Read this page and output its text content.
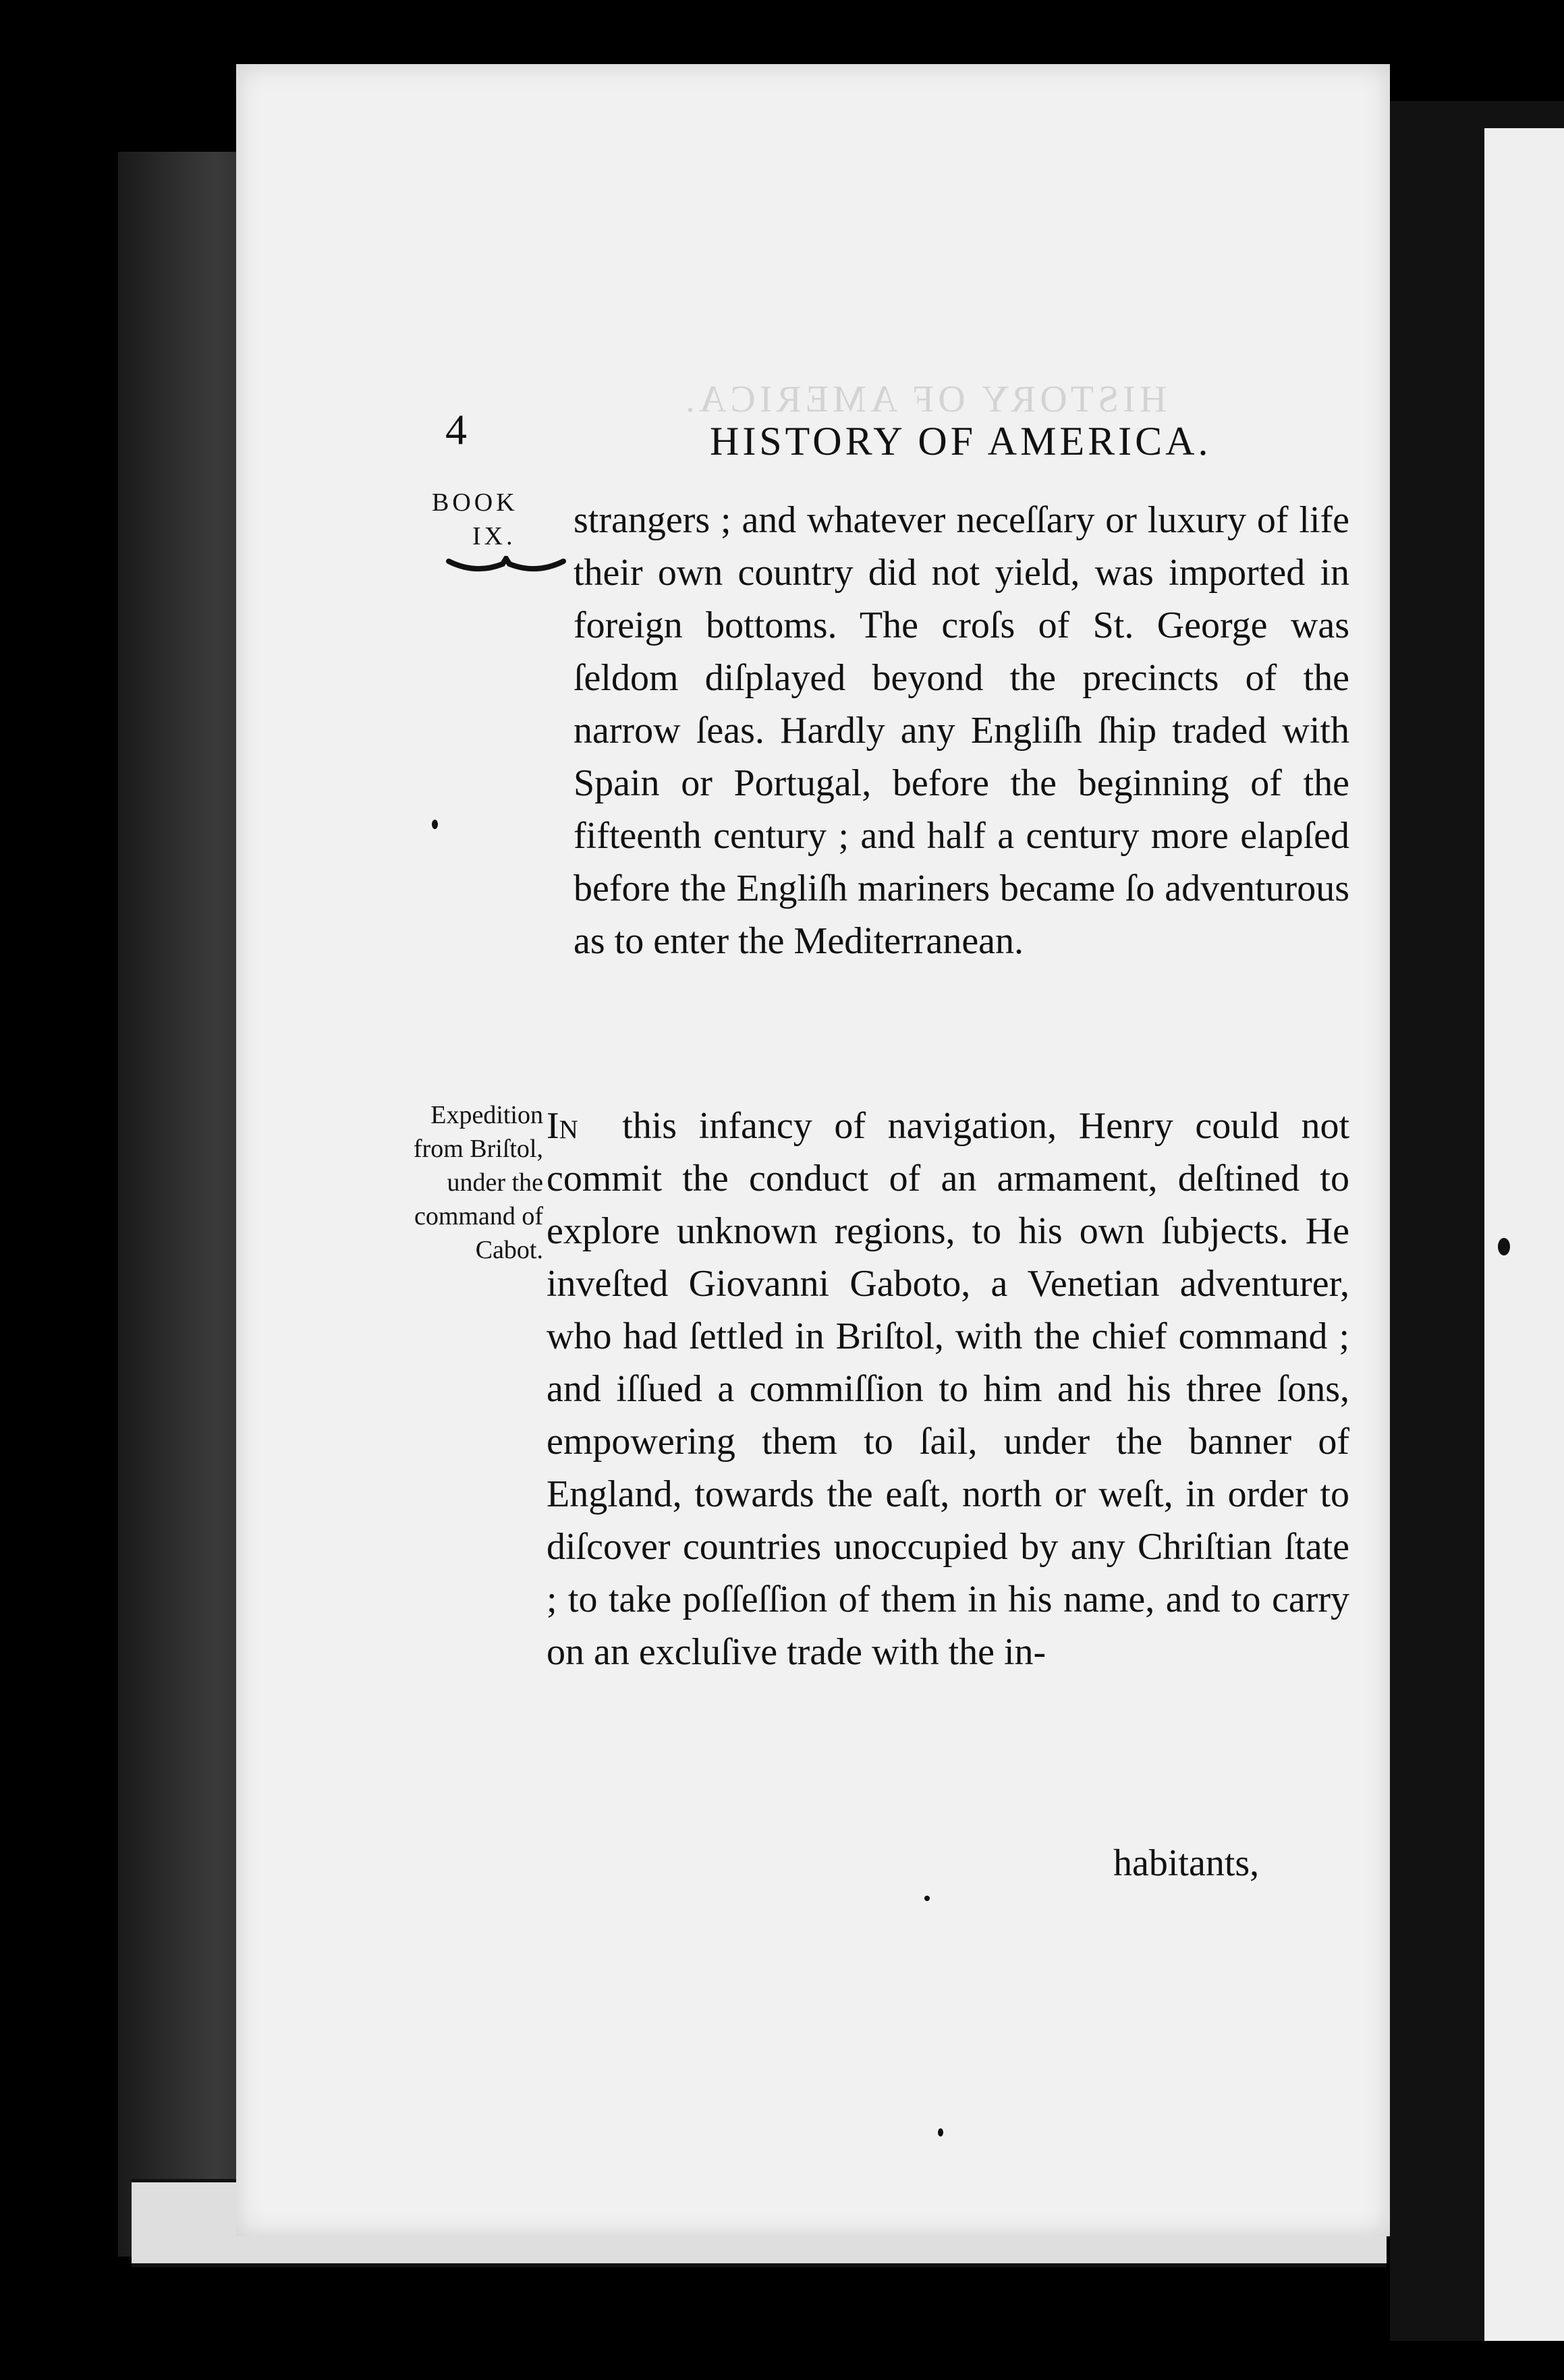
HISTORY OF AMERICA.
4	HISTORY OF AMERICA.
BOOK
IX.	strangers ; and whatever neceſſary or luxury of life their own country did not yield, was imported in foreign bottoms. The croſs of St. George was ſeldom diſplayed beyond the precincts of the narrow ſeas. Hardly any Engliſh ſhip traded with Spain or Portugal, before the beginning of the fifteenth century ; and half a century more elapſed before the Engliſh mariners became ſo adventurous as to enter the Mediterranean.

Expedition from Briſtol, under the command of Cabot.

In this infancy of navigation, Henry could not commit the conduct of an armament, deſtined to explore unknown regions, to his own ſubjects. He inveſted Giovanni Gaboto, a Venetian adventurer, who had ſettled in Briſtol, with the chief command ; and iſſued a commiſſion to him and his three ſons, empowering them to ſail, under the banner of England, towards the eaſt, north or weſt, in order to diſcover countries unoccupied by any Chriſtian ſtate ; to take poſſeſſion of them in his name, and to carry on an excluſive trade with the in-

habitants,
